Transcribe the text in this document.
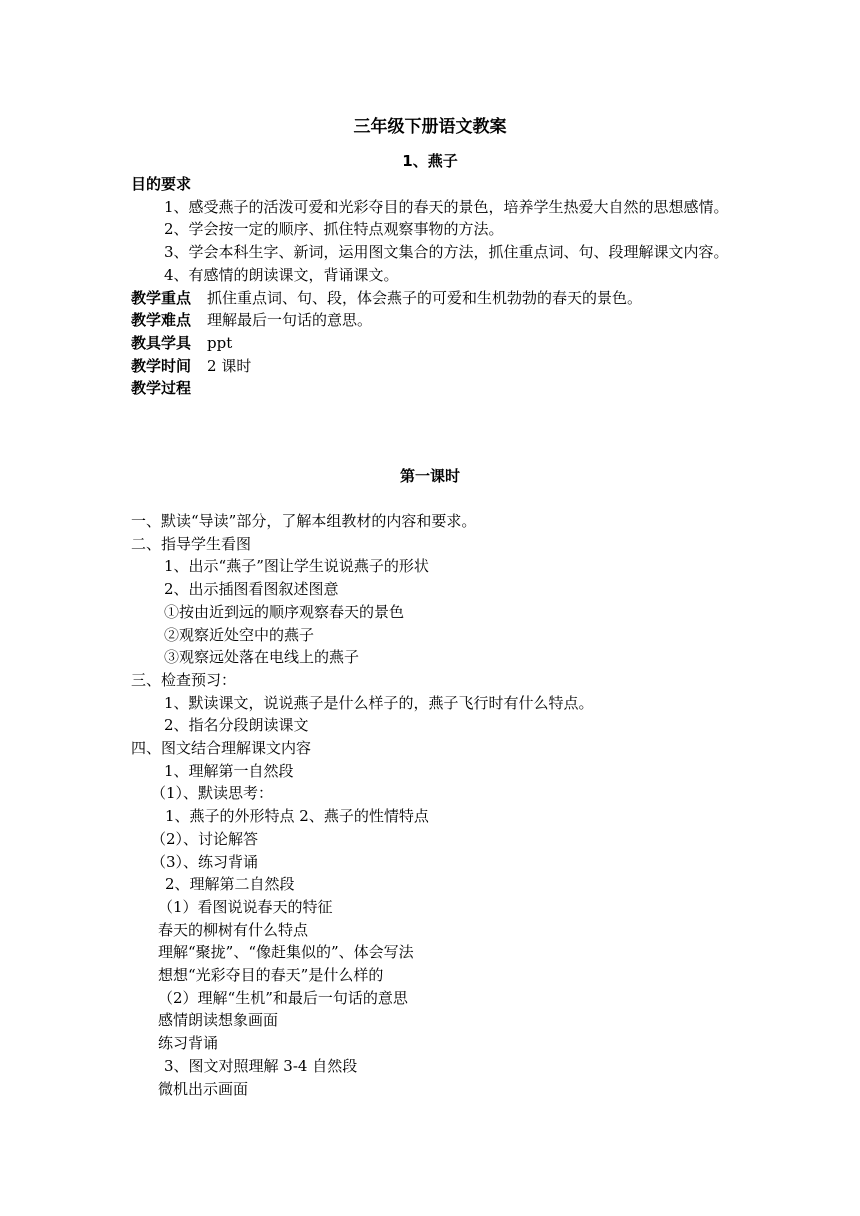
三年级下册语文教案
1、燕子
目的要求
1、感受燕子的活泼可爱和光彩夺目的春天的景色，培养学生热爱大自然的思想感情。
2、学会按一定的顺序、抓住特点观察事物的方法。
3、学会本科生字、新词，运用图文集合的方法，抓住重点词、句、段理解课文内容。
4、有感情的朗读课文，背诵课文。
教学重点 抓住重点词、句、段，体会燕子的可爱和生机勃勃的春天的景色。
教学难点 理解最后一句话的意思。
教具学具 ppt
教学时间 2 课时
教学过程
第一课时
一、默读“导读”部分，了解本组教材的内容和要求。
二、指导学生看图
1、出示“燕子”图让学生说说燕子的形状
2、出示插图看图叙述图意
①按由近到远的顺序观察春天的景色
②观察近处空中的燕子
③观察远处落在电线上的燕子
三、检查预习：
1、默读课文，说说燕子是什么样子的，燕子飞行时有什么特点。
2、指名分段朗读课文
四、图文结合理解课文内容
1、理解第一自然段
（1）、默读思考：
1、燕子的外形特点 2、燕子的性情特点
（2）、讨论解答
（3）、练习背诵
2、理解第二自然段
（1）看图说说春天的特征
春天的柳树有什么特点
理解“聚拢”、“像赶集似的”、体会写法
想想“光彩夺目的春天”是什么样的
（2）理解“生机”和最后一句话的意思
感情朗读想象画面
练习背诵
3、图文对照理解 3-4 自然段
微机出示画面
